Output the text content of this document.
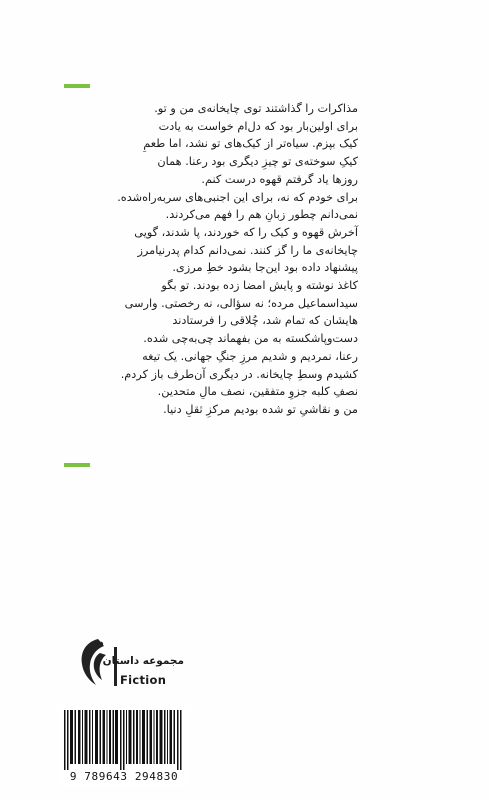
مذاکرات را گذاشتند توی چایخانه‌ی من و تو.
برای اولین‌بار بود که دل‌ام خواست به یادت
کیک بپزم. سیاه‌تر از کیک‌های تو نشد، اما طعمِ
کیکِ سوخته‌ی تو چیزِ دیگری بود رعنا. همان
روزها یاد گرفتم قهوه درست کنم.
برای خودم که نه، برای این اجنبی‌های سربه‌راه‌شده.
نمی‌دانم چطور زبانِ هم را فهم می‌کردند.
آخرش قهوه و کیک را که خوردند، پا شدند، گویی
چایخانه‌ی ما را گز کنند. نمی‌دانم کدام پدرنیامرز
پیشنهاد داده بود این‌جا بشود خطِ مرزی.
کاغذ نوشته و پایش امضا زده بودند. تو بگو
سیداسماعیل مرده؛ نه سؤالی، نه رخصتی. وارسی
هایشان که تمام شد، چُلاقی را فرستادند
دست‌وپاشکسته به من بفهماند چی‌به‌چی شده.
رعنا، نمردیم و شدیم مرزِ جنگِ جهانی. یک تیغه
کشیدم وسطِ چایخانه. در دیگری آن‌طرف باز کردم.
نصفِ کلبه جزوِ متفقین، نصف مالِ متحدین.
من و نقاشیِ تو شده بودیم مرکزِ ثقلِ دنیا.
مجموعه داستان
Fiction
9 789643 294830
